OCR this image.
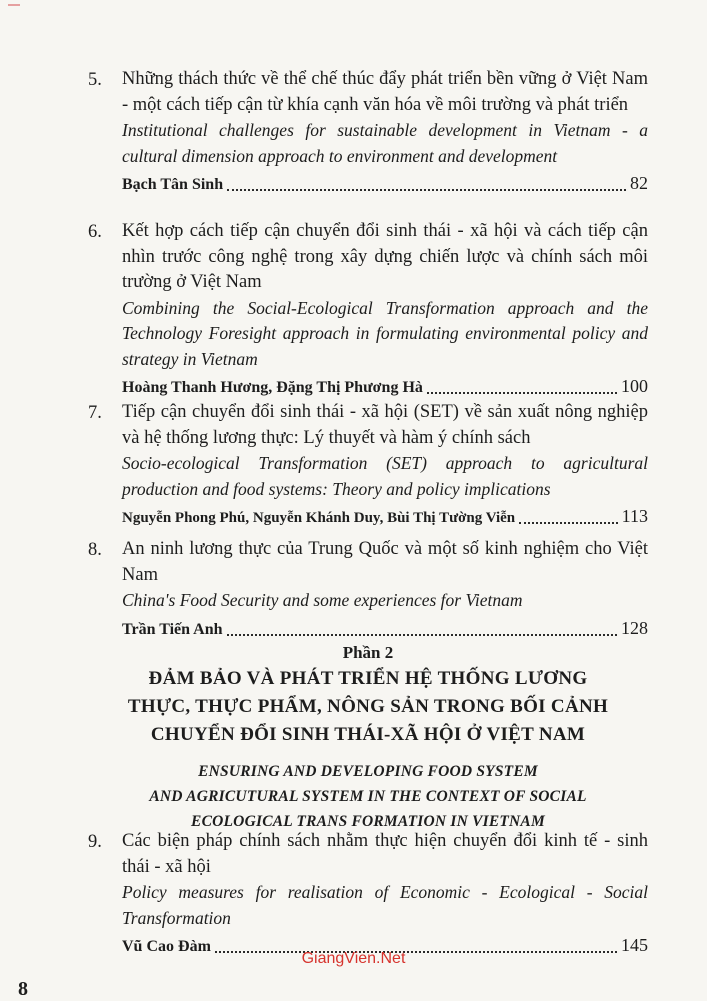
5. Những thách thức về thể chế thúc đẩy phát triển bền vững ở Việt Nam - một cách tiếp cận từ khía cạnh văn hóa về môi trường và phát triển
Institutional challenges for sustainable development in Vietnam - a cultural dimension approach to environment and development
Bạch Tân Sinh	82
6. Kết hợp cách tiếp cận chuyển đổi sinh thái - xã hội và cách tiếp cận nhìn trước công nghệ trong xây dựng chiến lược và chính sách môi trường ở Việt Nam
Combining the Social-Ecological Transformation approach and the Technology Foresight approach in formulating environmental policy and strategy in Vietnam
Hoàng Thanh Hương, Đặng Thị Phương Hà	100
7. Tiếp cận chuyển đổi sinh thái - xã hội (SET) về sản xuất nông nghiệp và hệ thống lương thực: Lý thuyết và hàm ý chính sách
Socio-ecological Transformation (SET) approach to agricultural production and food systems: Theory and policy implications
Nguyễn Phong Phú, Nguyễn Khánh Duy, Bùi Thị Tường Viễn	113
8. An ninh lương thực của Trung Quốc và một số kinh nghiệm cho Việt Nam
China's Food Security and some experiences for Vietnam
Trần Tiến Anh	128
Phần 2
ĐẢM BẢO VÀ PHÁT TRIỂN HỆ THỐNG LƯƠNG
THỰC, THỰC PHẨM, NÔNG SẢN TRONG BỐI CẢNH
CHUYỂN ĐỔI SINH THÁI-XÃ HỘI Ở VIỆT NAM
ENSURING AND DEVELOPING FOOD SYSTEM
AND AGRICUTURAL SYSTEM IN THE CONTEXT OF SOCIAL
ECOLOGICAL TRANS FORMATION IN VIETNAM
9. Các biện pháp chính sách nhằm thực hiện chuyển đổi kinh tế - sinh thái - xã hội
Policy measures for realisation of Economic - Ecological - Social Transformation
Vũ Cao Đàm	145
GiangVien.Net
8
